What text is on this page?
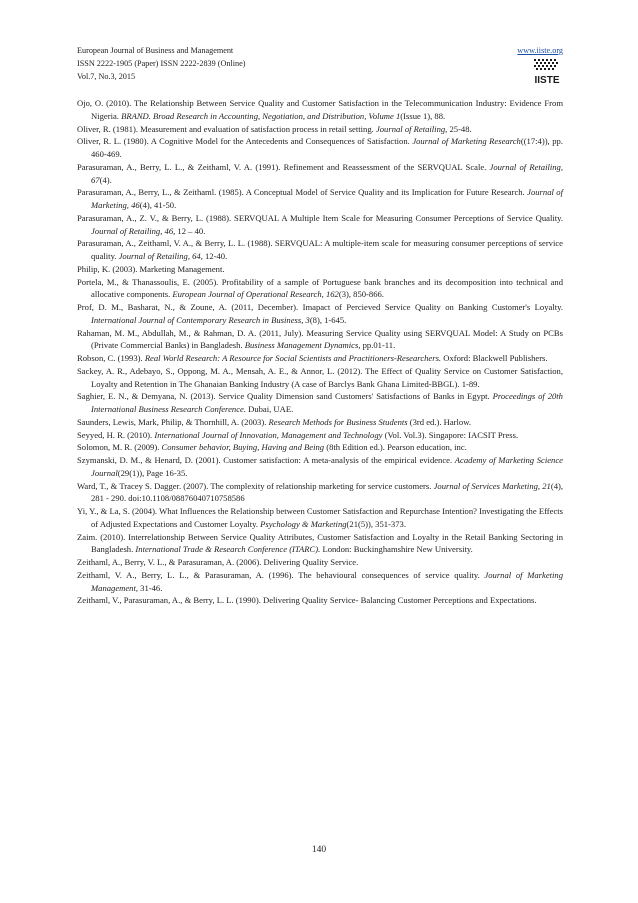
European Journal of Business and Management
ISSN 2222-1905 (Paper) ISSN 2222-2839 (Online)
Vol.7, No.3, 2015
www.iiste.org
IISTE

Ojo, O. (2010). The Relationship Between Service Quality and Customer Satisfaction in the Telecommunication Industry: Evidence From Nigeria. BRAND. Broad Research in Accounting, Negotiation, and Distribution, Volume 1(Issue 1), 88.

Oliver, R. (1981). Measurement and evaluation of satisfaction process in retail setting. Journal of Retailing, 25-48.

Oliver, R. L. (1980). A Cognitive Model for the Antecedents and Consequences of Satisfaction. Journal of Marketing Research((17:4)), pp. 460-469.

Parasuraman, A., Berry, L. L., & Zeithaml, V. A. (1991). Refinement and Reassessment of the SERVQUAL Scale. Journal of Retailing, 67(4).

Parasuraman, A., Berry, L., & Zeithaml. (1985). A Conceptual Model of Service Quality and its Implication for Future Research. Journal of Marketing, 46(4), 41-50.

Parasuraman, A., Z. V., & Berry, L. (1988). SERVQUAL A Multiple Item Scale for Measuring Consumer Perceptions of Service Quality. Journal of Retailing, 46, 12 – 40.

Parasuraman, A., Zeithaml, V. A., & Berry, L. L. (1988). SERVQUAL: A multiple-item scale for measuring consumer perceptions of service quality. Journal of Retailing, 64, 12-40.

Philip, K. (2003). Marketing Management.

Portela, M., & Thanassoulis, E. (2005). Profitability of a sample of Portuguese bank branches and its decomposition into technical and allocative components. European Journal of Operational Research, 162(3), 850-866.

Prof, D. M., Basharat, N., & Zoune, A. (2011, December). Imapact of Percieved Service Quality on Banking Customer's Loyalty. International Journal of Contemporary Research in Business, 3(8), 1-645.

Rahaman, M. M., Abdullah, M., & Rahman, D. A. (2011, July). Measuring Service Quality using SERVQUAL Model: A Study on PCBs (Private Commercial Banks) in Bangladesh. Business Management Dynamics, pp.01-11.

Robson, C. (1993). Real World Research: A Resource for Social Scientists and Practitioners-Researchers. Oxford: Blackwell Publishers.

Sackey, A. R., Adebayo, S., Oppong, M. A., Mensah, A. E., & Annor, L. (2012). The Effect of Quality Service on Customer Satisfaction, Loyalty and Retention in The Ghanaian Banking Industry (A case of Barclys Bank Ghana Limited-BBGL). 1-89.

Saghier, E. N., & Demyana, N. (2013). Service Quality Dimension sand Customers' Satisfactions of Banks in Egypt. Proceedings of 20th International Business Research Conference. Dubai, UAE.

Saunders, Lewis, Mark, Philip, & Thornhill, A. (2003). Research Methods for Business Students (3rd ed.). Harlow.

Seyyed, H. R. (2010). International Journal of Innovation, Management and Technology (Vol. Vol.3). Singapore: IACSIT Press.

Solomon, M. R. (2009). Consumer behavior, Buying, Having and Being (8th Edition ed.). Pearson education, inc.

Szymanski, D. M., & Henard, D. (2001). Customer satisfaction: A meta-analysis of the empirical evidence. Academy of Marketing Science Journal(29(1)), Page 16-35.

Ward, T., & Tracey S. Dagger. (2007). The complexity of relationship marketing for service customers. Journal of Services Marketing, 21(4), 281 - 290. doi:10.1108/08876040710758586

Yi, Y., & La, S. (2004). What Influences the Relationship between Customer Satisfaction and Repurchase Intention? Investigating the Effects of Adjusted Expectations and Customer Loyalty. Psychology & Marketing(21(5)), 351-373.

Zaim. (2010). Interrelationship Between Service Quality Attributes, Customer Satisfaction and Loyalty in the Retail Banking Sectoring in Bangladesh. International Trade & Research Conference (ITARC). London: Buckinghamshire New University.

Zeithaml, A., Berry, V. L., & Parasuraman, A. (2006). Delivering Quality Service.

Zeithaml, V. A., Berry, L. L., & Parasuraman, A. (1996). The behavioural consequences of service quality. Journal of Marketing Management, 31-46.

Zeithaml, V., Parasuraman, A., & Berry, L. L. (1990). Delivering Quality Service- Balancing Customer Perceptions and Expectations.

140
